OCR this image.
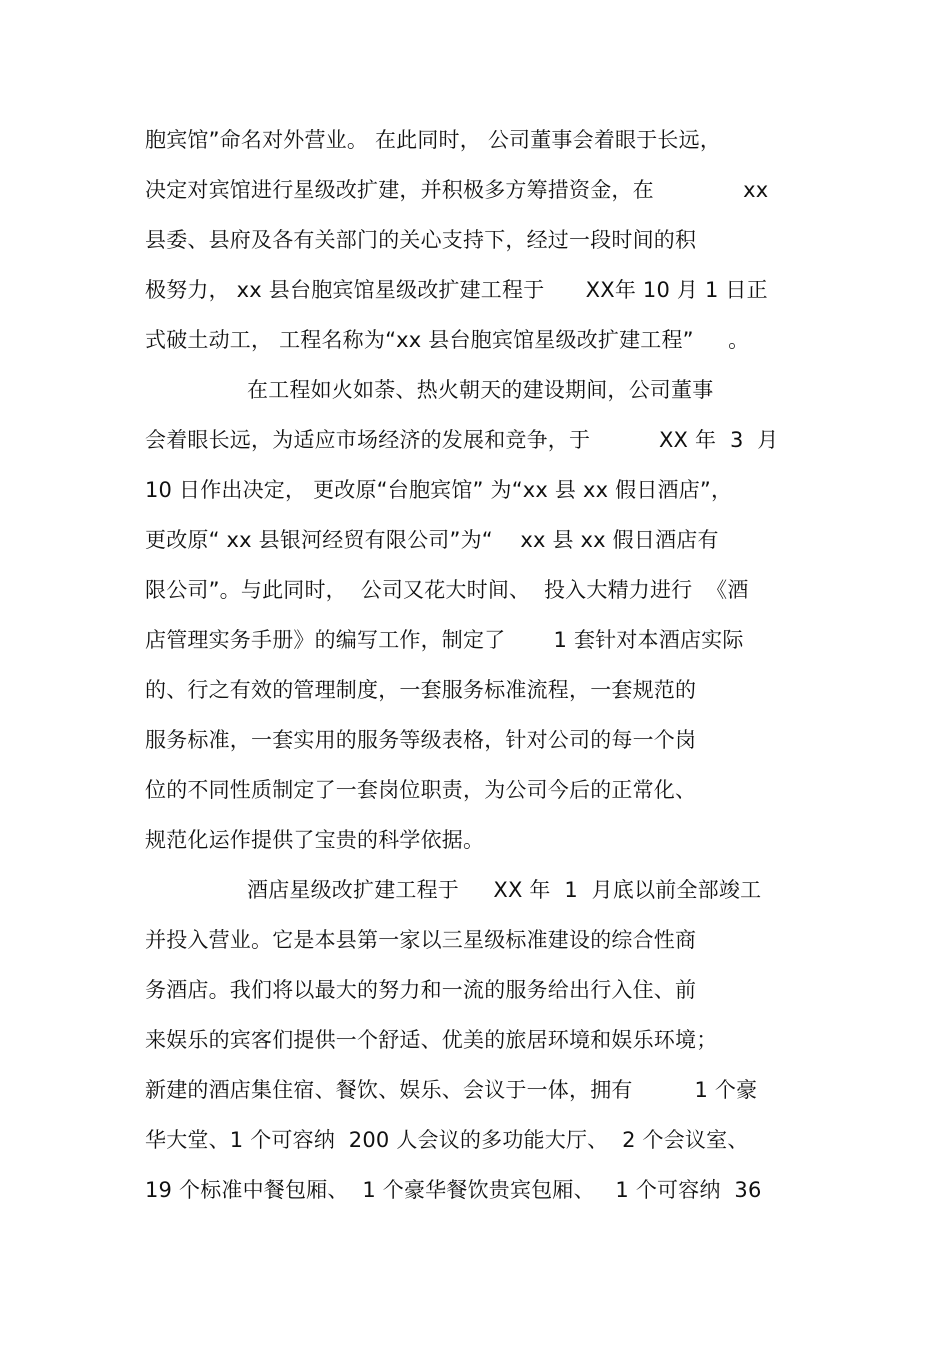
胞宾馆”命名对外营业。 在此同时， 公司董事会着眼于长远，
决定对宾馆进行星级改扩建，并积极多方筹措资金，在             xx
县委、县府及各有关部门的关心支持下，经过一段时间的积
极努力， xx 县台胞宾馆星级改扩建工程于      XX年 10 月 1 日正
式破土动工， 工程名称为“xx 县台胞宾馆星级改扩建工程”     。
在工程如火如荼、热火朝天的建设期间，公司董事
会着眼长远，为适应市场经济的发展和竞争，于          XX 年  3  月
10 日作出决定， 更改原“台胞宾馆” 为“xx 县 xx 假日酒店”，
更改原“ xx 县银河经贸有限公司”为“    xx 县 xx 假日酒店有
限公司”。与此同时，  公司又花大时间、  投入大精力进行  《酒
店管理实务手册》的编写工作，制定了       1 套针对本酒店实际
的、行之有效的管理制度，一套服务标准流程，一套规范的
服务标准，一套实用的服务等级表格，针对公司的每一个岗
位的不同性质制定了一套岗位职责，为公司今后的正常化、
规范化运作提供了宝贵的科学依据。
酒店星级改扩建工程于     XX 年  1  月底以前全部竣工
并投入营业。它是本县第一家以三星级标准建设的综合性商
务酒店。我们将以最大的努力和一流的服务给出行入住、前
来娱乐的宾客们提供一个舒适、优美的旅居环境和娱乐环境；
新建的酒店集住宿、餐饮、娱乐、会议于一体，拥有         1 个豪
华大堂、1 个可容纳  200 人会议的多功能大厅、  2 个会议室、
19 个标准中餐包厢、  1 个豪华餐饮贵宾包厢、   1 个可容纳  36
